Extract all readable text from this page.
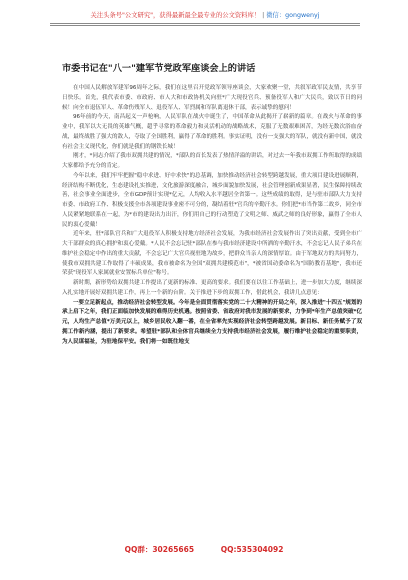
关注头条号"公文研究"，获得最新最全最专业的公文资料库！ | 微信：gongwenyj
市委书记在"八一"建军节党政军座谈会上的讲话

在中国人民解放军建军96周年之际，我们在这里召开党政军领导座谈会，大家欢聚一堂，共叙军政军民友情，共享节日快乐。首先，我代表市委、市政府、市人大和市政协机关向驻*广大现役官兵、预备役军人和广大民兵，致以节日的问候！向全市退伍军人、革命伤残军人、退役军人、军烈属和军队离退休干部，表示诚挚的慰问！

96年前的今天，南昌起义一声枪响，人民军队在战火中诞生了，中国革命从此揭开了崭新的篇章。在战火与革命的事业中，我军以大无畏的英雄气概，超乎寻常的革命毅力和灵活机动的战略战术，克服了无数艰难困苦，为经无数次浴血奋战，最终战胜了强大的敌人，夺取了全国胜利，赢得了革命的胜利。事实证明，没有一支强大的军队，就没有新中国，就没有社会主义现代化，你们就是我们的钢铁长城！

刚才，*同志介绍了我市双拥共建的情况，*部队的首长发表了热情洋溢的讲话，对过去一年我市双拥工作所取得的成绩大家都给予充分的肯定。

今年以来，我们牢牢把握"稳中求进、好中求快"的总基调，加快推动经济社会转型跨越发展，重大项目建设进展顺利，经济结构不断优化，生态建设扎实推进，文化旅游深度融合，城乡面貌加快发展，社会管理创新成果显著，民生保障持续改善，社会事业全面进步，全市GDP预计实现*亿元，人均收入水平越居全省第一。这些成绩的取得，是与驻市部队大力支持市委、市政府工作、积极支援全市各项建设事业密不可分的，凝结着驻*官兵的辛勤汗水。你们把*市当作第二故乡，同全市人民紧紧地联系在一起，为*市的建设出力出汗，你们用自己的行动塑造了文明之师、威武之师的良好形象，赢得了全市人民的衷心爱戴！

近年来，驻*部队官兵和广大退役军人积极支持地方经济社会发展，为我市经济社会发展作出了突出贡献，受到全市广大干部群众的真心拥护和衷心爱戴。*人民不会忘记驻*部队在参与我市经济建设中所洒的辛勤汗水，不会忘记人民子弟兵在维护社会稳定中作出的重大贡献，不会忘记广大官兵视驻地为故乡，把群众当亲人的深情厚谊。由于军地双方的共同努力，使我市双拥共建工作取得了丰硕成果，我市被命名为全国"双拥共建模范市"，*被省国动委命名为"国防教育基地"，我市还荣获"现役军人家属就业安置标兵单位"称号。

新时期，新形势给双拥共建工作提出了更新的标准、更高的要求。我们要在以往工作基础上，进一步加大力度，继续深入扎实地开展好双拥共建工作，再上一个新的台阶。关于推进下步的双拥工作，借此机会，我讲几点意见：

一要立足新起点，推动经济社会转型发展。今年是全面贯彻落实党的二十大精神的开局之年，深入推进"十四五"规划的承上启下之年，我们正面临加快发展的难得历史机遇。按照省委、省政府对我市发展的新要求，力争到*年生产总值突破*亿元，人均生产总值*万美元以上，城乡居民收入翻一番，在全省率先实现经济社会转型跨越发展。新目标、新任务赋予了双拥工作新内涵，提出了新要求。希望驻*部队和全体官兵继续全力支持我市经济社会发展，履行维护社会稳定的重要职责，为人民谋福祉，为驻地保平安。我们将一如既往地支

QQ群：30265665	QQ:535304092
